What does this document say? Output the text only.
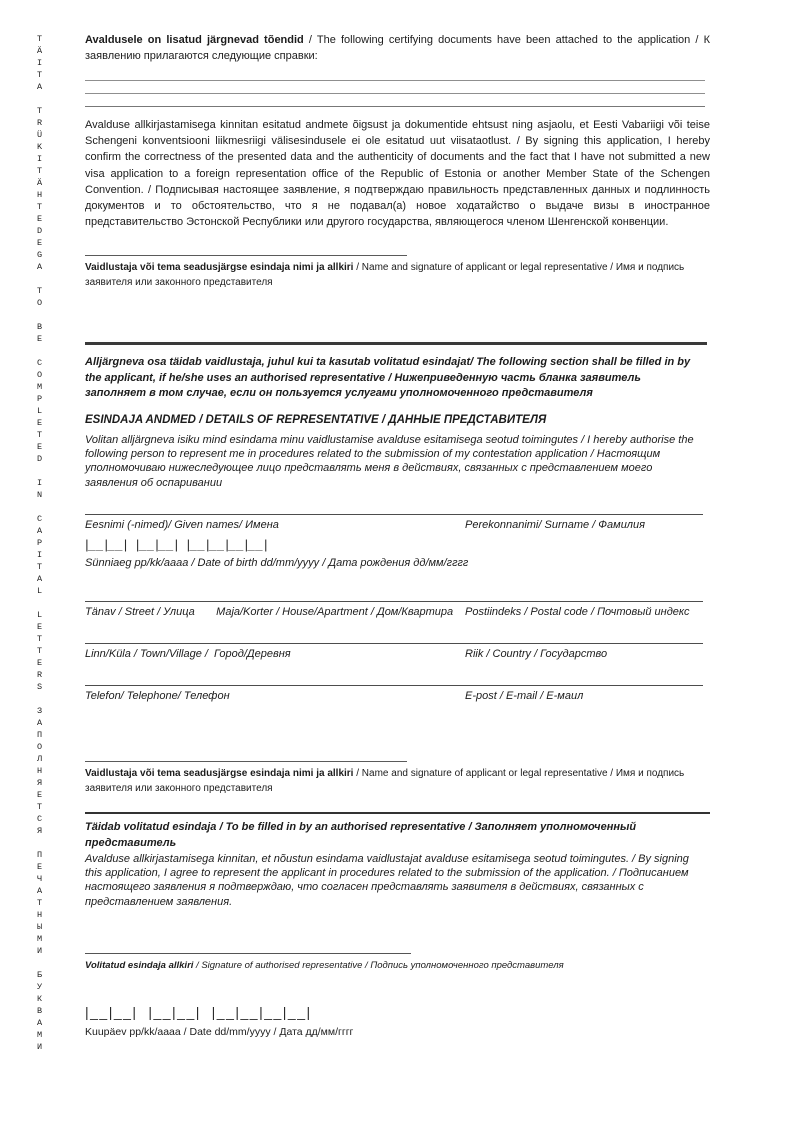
TÄITA
TRÜKITÄHTEDEGA
TO
BE
COMPLETED
IN
CAPITAL
LETTERS
ЗАПОЛНЯЕТСЯ
ПЕЧАТНЫМИ
БУКВАМИ
Avaldusele on lisatud järgnevad tõendid / The following certifying documents have been attached to the application / К заявлению прилагаются следующие справки:
Avalduse allkirjastamisega kinnitan esitatud andmete õigsust ja dokumentide ehtsust ning asjaolu, et Eesti Vabariigi või teise Schengeni konventsiooni liikmesriigi välisesindusele ei ole esitatud uut viisataotlust. / By signing this application, I hereby confirm the correctness of the presented data and the authenticity of documents and the fact that I have not submitted a new visa application to a foreign representation office of the Republic of Estonia or another Member State of the Schengen Convention. / Подписывая настоящее заявление, я подтверждаю правильность представленных данных и подлинность документов и то обстоятельство, что я не подавал(а) новое ходатайство о выдаче визы в иностранное представительство Эстонской Республики или другого государства, являющегося членом Шенгенской конвенции.
Vaidlustaja või tema seadusjärgse esindaja nimi ja allkiri / Name and signature of applicant or legal representative / Имя и подпись заявителя или законного представителя
Alljärgneva osa täidab vaidlustaja, juhul kui ta kasutab volitatud esindajat/ The following section shall be filled in by the applicant, if he/she uses an authorised representative / Нижеприведенную часть бланка заявитель заполняет в том случае, если он пользуется услугами уполномоченного представителя
ESINDAJA ANDMED / DETAILS OF REPRESENTATIVE / ДАННЫЕ ПРЕДСТАВИТЕЛЯ
Volitan alljärgneva isiku mind esindama minu vaidlustamise avalduse esitamisega seotud toimingutes / I hereby authorise the following person to represent me in procedures related to the submission of my contestation application / Настоящим уполномочиваю нижеследующее лицо представлять меня в действиях, связанных с представлением моего заявления об оспаривании
Eesnimi (-nimed)/ Given names/ Имена	Perekonnanimi/ Surname / Фамилия
|__|__|  |__|__|  |__|__|__|__|
Sünniaeg pp/kk/aaaa / Date of birth dd/mm/yyyy / Дата рождения дд/мм/гггг
Tänav / Street / Улица       Maja/Korter / House/Apartment / Дом/Квартира Postiindeks / Postal code / Почтовый индекс
Linn/Küla / Town/Village /  Город/Деревня	Riik / Country / Государство
Telefon/ Telephone/ Телефон	E-post / E-mail / E-маил
Vaidlustaja või tema seadusjärgse esindaja nimi ja allkiri / Name and signature of applicant or legal representative / Имя и подпись заявителя или законного представителя
Täidab volitatud esindaja / To be filled in by an authorised representative / Заполняет уполномоченный представитель
Avalduse allkirjastamisega kinnitan, et nõustun esindama vaidlustajat avalduse esitamisega seotud toimingutes. / By signing this application, I agree to represent the applicant in procedures related to the submission of the application. / Подписанием настоящего заявления я подтверждаю, что согласен представлять заявителя в действиях, связанных с представлением заявления.
Volitatud esindaja allkiri / Signature of authorised representative / Подпись уполномоченного представителя
|__|__|  |__|__|  |__|__|__|__|
Kuupäev pp/kk/aaaa / Date dd/mm/yyyy / Дата дд/мм/гггг
